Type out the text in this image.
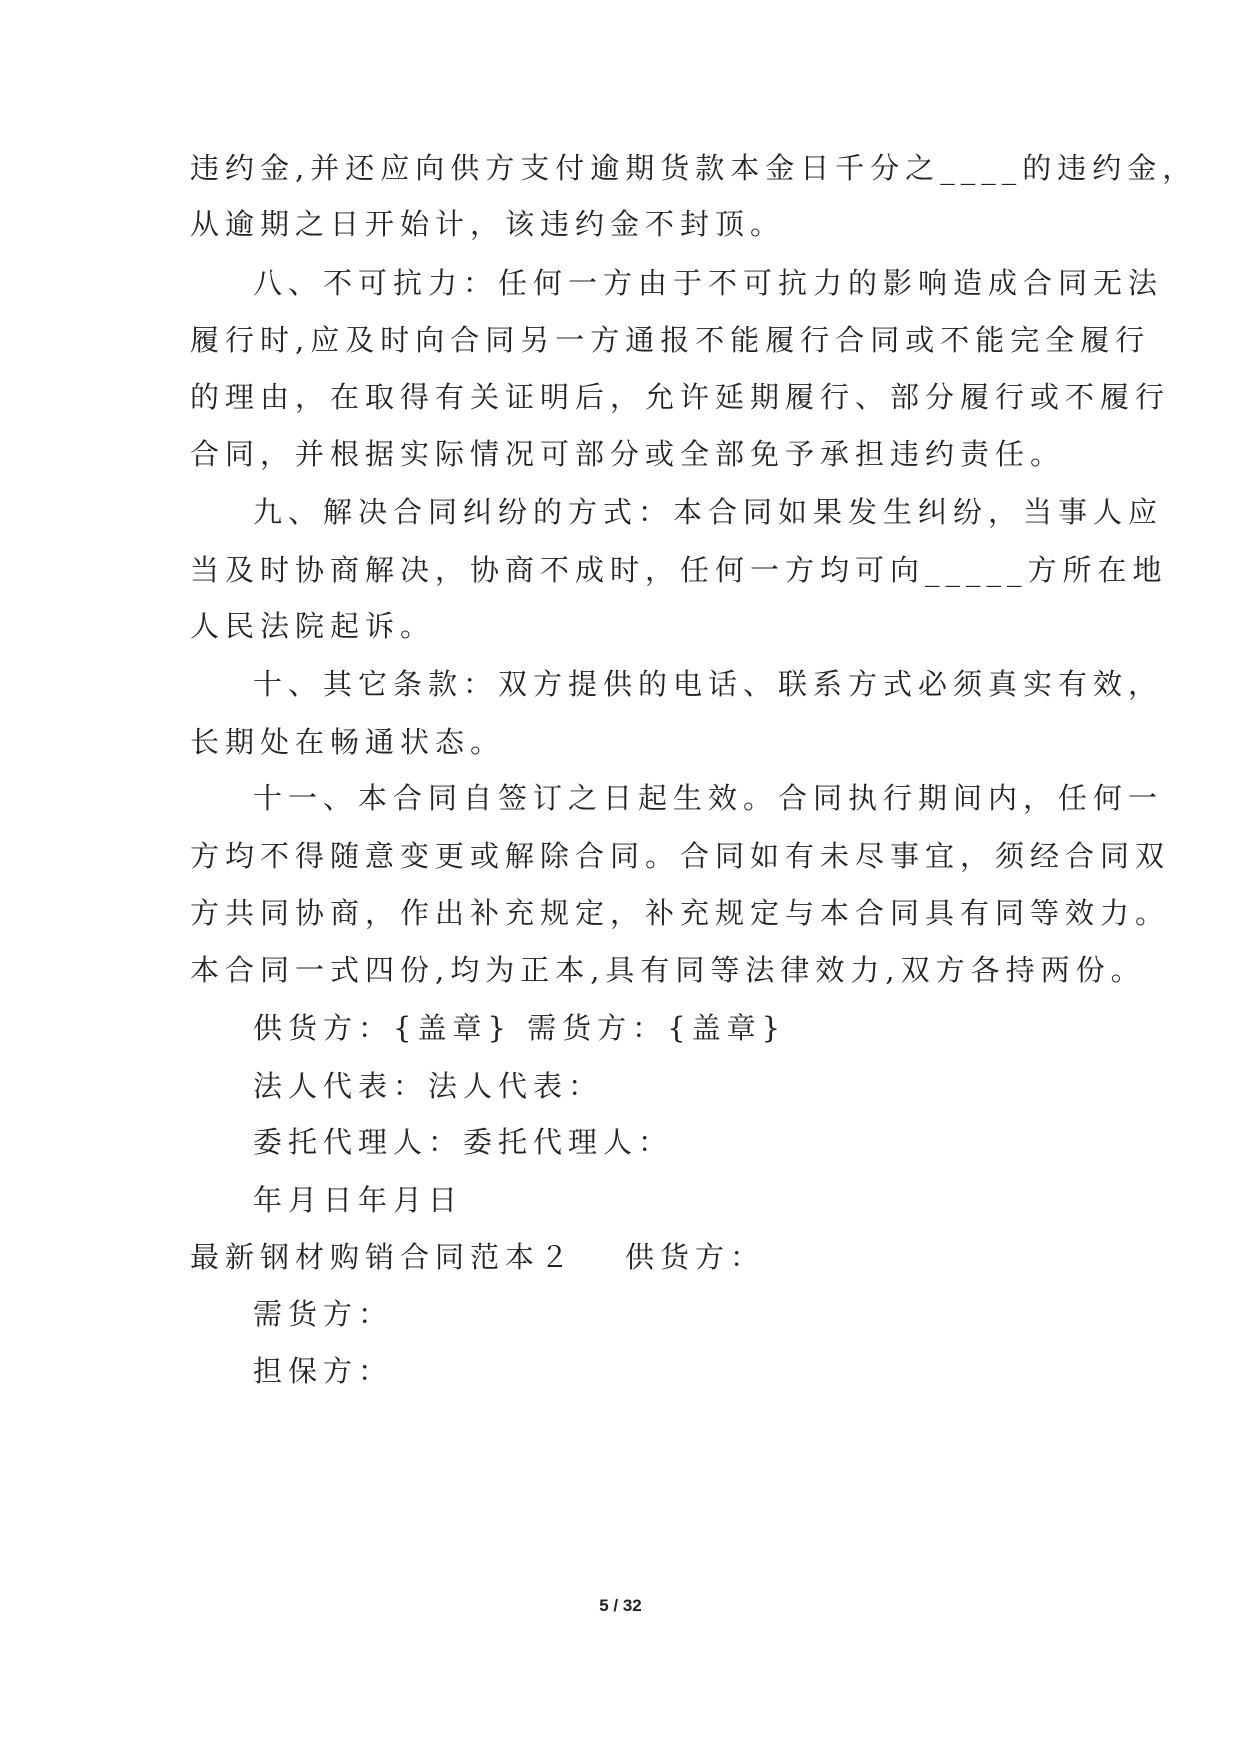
违约金,并还应向供方支付逾期货款本金日千分之____的违约金，
从逾期之日开始计，该违约金不封顶。
八、不可抗力：任何一方由于不可抗力的影响造成合同无法
履行时,应及时向合同另一方通报不能履行合同或不能完全履行
的理由，在取得有关证明后，允许延期履行、部分履行或不履行
合同，并根据实际情况可部分或全部免予承担违约责任。
九、解决合同纠纷的方式：本合同如果发生纠纷，当事人应
当及时协商解决，协商不成时，任何一方均可向_____方所在地
人民法院起诉。
十、其它条款：双方提供的电话、联系方式必须真实有效，
长期处在畅通状态。
十一、本合同自签订之日起生效。合同执行期间内，任何一
方均不得随意变更或解除合同。合同如有未尽事宜，须经合同双
方共同协商，作出补充规定，补充规定与本合同具有同等效力。
本合同一式四份,均为正本,具有同等法律效力,双方各持两份。
供货方：{盖章} 需货方：{盖章}
法人代表：法人代表：
委托代理人：委托代理人：
年月日年月日
最新钢材购销合同范本２ 供货方：
需货方：
担保方：
5 / 32
